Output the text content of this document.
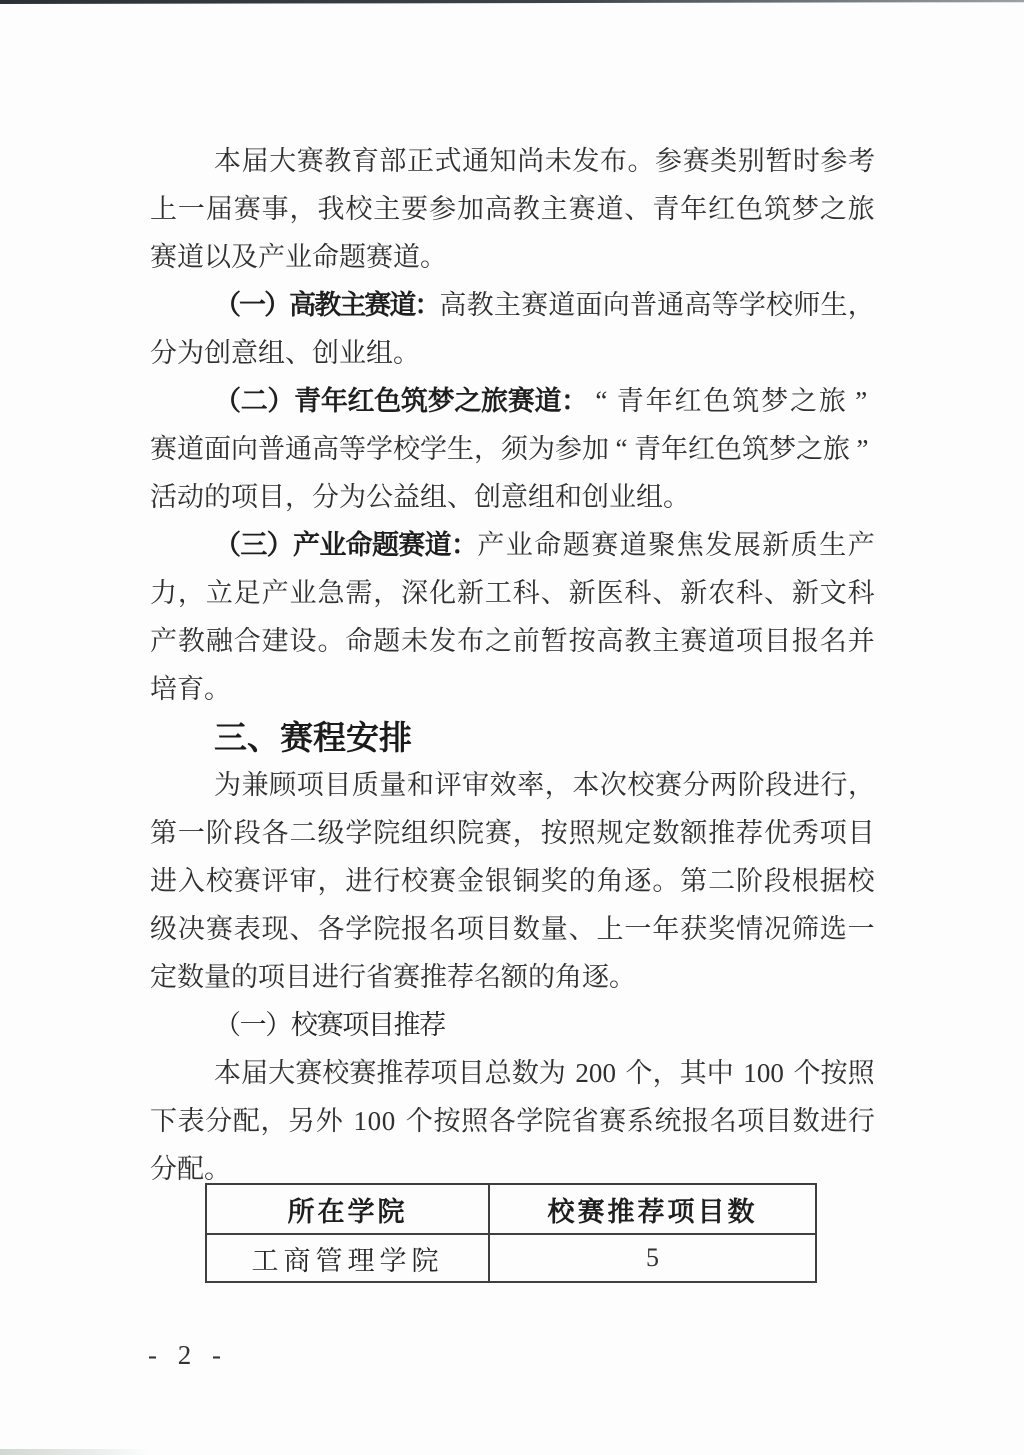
本 届 大 赛 教 育 部 正 式 通 知 尚 未 发 布 。 参 赛 类 别 暂 时 参 考
上 一 届 赛 事 ， 我 校 主 要 参 加 高 教 主 赛 道 、 青 年 红 色 筑 梦 之 旅
赛 道 以 及 产 业 命 题 赛 道 。
（
一
）
高
教
主
赛
道
：
高 教 主 赛 道 面 向 普 通 高 等 学 校 师 生 ，
分 为 创 意 组 、 创 业 组 。
（ 二 ） 青 年 红 色 筑 梦 之 旅 赛 道 ： “ 青 年 红 色 筑 梦 之 旅 ”
赛 道 面 向 普 通 高 等 学 校 学 生 ， 须 为 参 加 “ 青 年 红 色 筑 梦 之 旅 ”
活 动 的 项 目 ， 分 为 公 益 组 、 创 意 组 和 创 业 组 。
（ 三 ） 产 业 命 题 赛 道 ： 产 业 命 题 赛 道 聚 焦 发 展 新 质 生 产
力 ， 立 足 产 业 急 需 ， 深 化 新 工 科 、 新 医 科 、 新 农 科 、 新 文 科
产 教 融 合 建 设 。 命 题 未 发 布 之 前 暂 按 高 教 主 赛 道 项 目 报 名 并
培 育 。
三 、 赛 程 安 排
为 兼 顾 项 目 质 量 和 评 审 效 率 ， 本 次 校 赛 分 两 阶 段 进 行 ，
第 一 阶 段 各 二 级 学 院 组 织 院 赛 ， 按 照 规 定 数 额 推 荐 优 秀 项 目
进 入 校 赛 评 审 ， 进 行 校 赛 金 银 铜 奖 的 角 逐 。 第 二 阶 段 根 据 校
级 决 赛 表 现 、 各 学 院 报 名 项 目 数 量 、 上 一 年 获 奖 情 况 筛 选 一
定 数 量 的 项 目 进 行 省 赛 推 荐 名 额 的 角 逐 。
（
一
）
校
赛
项
目
推
荐
本 届 大 赛 校 赛 推 荐 项 目 总 数 为
2 0 0
个 ， 其 中
1 0 0
个 按 照
下 表 分 配 ， 另 外
1 0 0
个 按 照 各 学 院 省 赛 系 统 报 名 项 目 数 进 行
分 配 。
所在学院	校赛推荐项目数
工商管理学院	5
- 2 -
